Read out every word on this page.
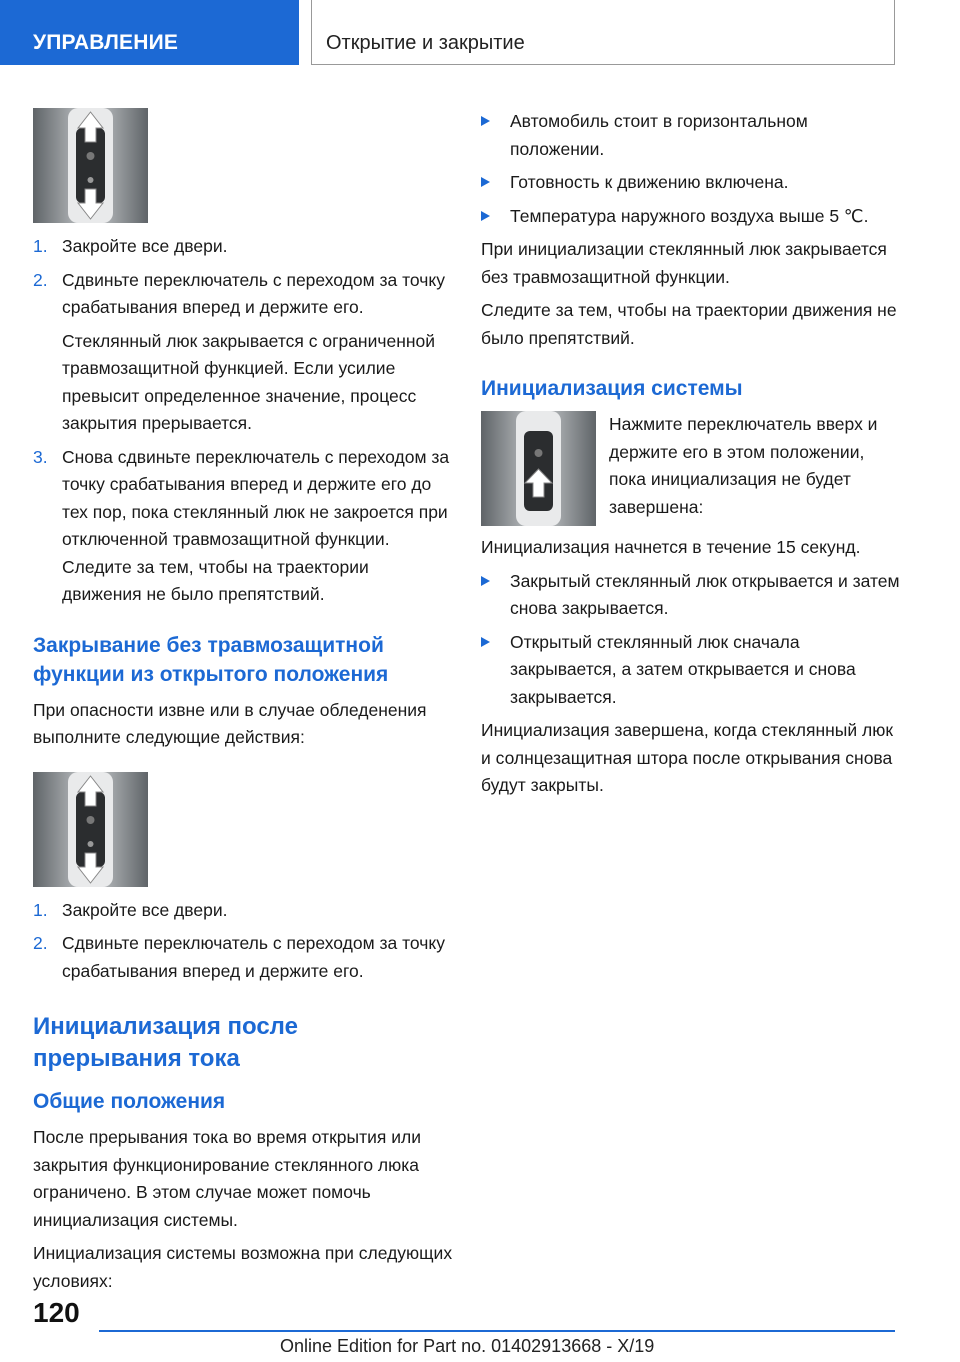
УПРАВЛЕНИЕ	Открытие и закрытие
1. Закройте все двери.
2. Сдвиньте переключатель с переходом за точку срабатывания вперед и держите его.
Стеклянный люк закрывается с ограниченной травмозащитной функцией. Если усилие превысит определенное значение, процесс закрытия прерывается.
3. Снова сдвиньте переключатель с переходом за точку срабатывания вперед и держите его до тех пор, пока стеклянный люк не закроется при отключенной травмозащитной функции. Следите за тем, чтобы на траектории движения не было препятствий.
Закрывание без травмозащитной функции из открытого положения
При опасности извне или в случае обледенения выполните следующие действия:
1. Закройте все двери.
2. Сдвиньте переключатель с переходом за точку срабатывания вперед и держите его.
Инициализация после прерывания тока
Общие положения
После прерывания тока во время открытия или закрытия функционирование стеклянного люка ограничено. В этом случае может помочь инициализация системы.
Инициализация системы возможна при следующих условиях:
Автомобиль стоит в горизонтальном положении.
Готовность к движению включена.
Температура наружного воздуха выше 5 ℃.
При инициализации стеклянный люк закрывается без травмозащитной функции.
Следите за тем, чтобы на траектории движения не было препятствий.
Инициализация системы
Нажмите переключатель вверх и держите его в этом положении, пока инициализация не будет завершена:
Инициализация начнется в течение 15 секунд.
Закрытый стеклянный люк открывается и затем снова закрывается.
Открытый стеклянный люк сначала закрывается, а затем открывается и снова закрывается.
Инициализация завершена, когда стеклянный люк и солнцезащитная штора после открывания снова будут закрыты.
120
Online Edition for Part no. 01402913668 - X/19
